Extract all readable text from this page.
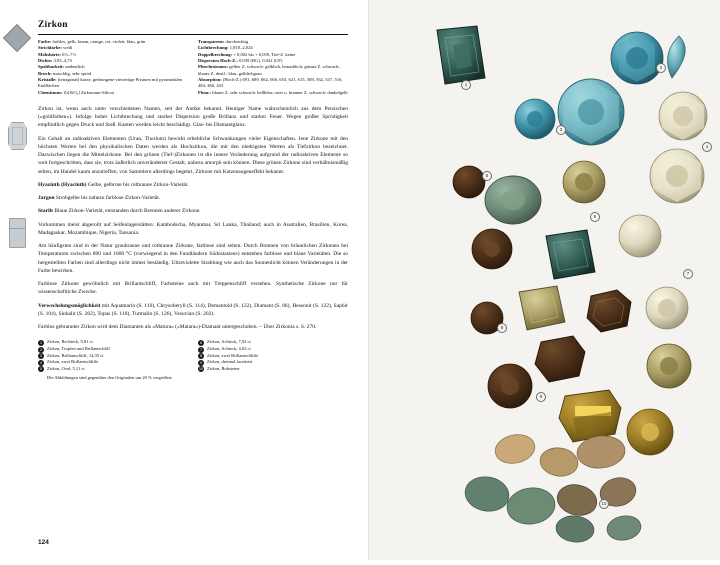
Zirkon
Farbe: farblos, gelb, braun, orange, rot, violett, blau, grün
Strichfarbe: weiß
Mohshärte: 6½–7½
Dichte: 3,93–4,73
Spaltbarkeit: undeutlich
Bruch: muschlig, sehr spröd
Kristalle: (tetragonal) kurze, gedrungene vierseitige Prismen mit pyramidalen Endflächen
Chemismus: Zr[SiO₄] Zirkonium-Silicat
Transparenz: durchsichtig
Lichtbrechung: 1,810–2,024
Doppelbrechung: + 0,002 bis + 0,059, Tief-Z. keine
Dispersion Hoch-Z.: 0,039 (BG), 0,022 (CF)
Pleochroismus: gelber Z. schwach: gelblich, braunblich; grüner Z. schwach; blauer Z. deutl.: blau, gelblichgrau
Absorption: (Hoch-Z.) 691, 689, 662, 660, 653, 621, 615, 589, 562, 537, 516, 484, 460, 433
Fluor.: blauer Z. sehr schwach: hellblau; roter u. brauner Z. schwach: dunkelgelb

Zirkon ist, wenn auch unter verschiedenen Namen, seit der Antike bekannt. Heutiger Name wahrscheinlich aus dem Persischen (»goldfarben«). Infolge hoher Lichtbrechung und starker Dispersion große Brillanz und starker Feuer. Wegen großer Sprödigkeit empfindlich gegen Druck und Stoß. Kanten werden leicht beschädigt. Glas- bis Diamantglanz.

Ein Gehalt an radioaktiven Elementen (Uran, Thorium) bewirkt erhebliche Schwankungen vieler Eigenschaften. Jene Zirkone mit den höchsten Werten bei den physikalischen Daten werden als Hochzirkon, die mit den niedrigsten Werten als Tiefzirkon bezeichnet. Dazwischen liegen die Mittelzirkone. Bei den grünen (Tief-)Zirkonen ist die innere Veränderung aufgrund der radioaktiven Elemente so weit fortgeschritten, dass sie, trotz äußerlich unveränderter Gestalt, nahezu amorph sein können. Diese grünen Zirkone sind verhältnismäßig selten, im Handel kaum anzutreffen, von Sammlern allerdings begehrt. Zirkone mit Katzenaugeneffekt bekannt.

Hyazinth (Hyacinth) Gelbe, gelbrote bis rotbraune Zirkon-Varietät.

Jargon Strohgelbe bis nahezu farblose Zirkon-Varietät.

Starlit Blaue Zirkon-Varietät, entstanden durch Brennen anderer Zirkone.

Vorkommen meist abgerollt auf Seifenlagerstätten: Kambodscha, Myanmar, Sri Lanka, Thailand; auch in Australien, Brasilien, Korea, Madagaskar, Mozambique, Nigeria, Tansania.

Am häufigsten sind in der Natur graubraune und rotbraune Zirkone, farblose sind selten. Durch Brennen von bräunlichen Zirkonen bei Temperaturen zwischen 800 und 1000 °C (vorwiegend in den Fundländern Südostasiens) entstehen farblose und blaue Varietäten. Die so hergestellten Farben sind allerdings nicht immer beständig. Ultraviolette Strahlung wie auch das Sonnenlicht können Veränderungen in der Farbe bewirken.

Farblose Zirkone gewöhnlich mit Brillantschliff, Farbsteine auch mit Treppenschliff versehen. Synthetische Zirkone nur für wissenschaftliche Zwecke.

Verwechslungsmöglichkeit mit Aquamarin (S. 110), Chrysoberyll (S. 114), Demantoid (S. 122), Diamant (S. 86), Hessonit (S. 122), Saphir (S. 104), Sinhalit (S. 202), Topas (S. 118), Turmalin (S. 126), Vesuvian (S. 202).

Farblos gebrannter Zirkon wird dem Diamanten als »Matura« (»Matara«)-Diamant untergeschoben. – Über Zirkonia s. S. 270.

1	Zirkon, Rechteck, 9,81 ct
2	Zirkon, Tropfen und Brillantschliff
3	Zirkon, Brillantschliff, 14,35 ct
4	Zirkon, zwei Brillantschliffe
5	Zirkon, Oval, 5,11 ct
6	Zirkon, Achteck, 7,92 ct
7	Zirkon, Achteck, 4,02 ct
8	Zirkon, zwei Brillantschliffe
9	Zirkon, dreimal facettiert
10 Zirkon, Rohsteine
Die Abbildungen sind gegenüber den Originalen um 20 % vergrößert.
124
1
2
3
4
5
6
7
8
9
10
